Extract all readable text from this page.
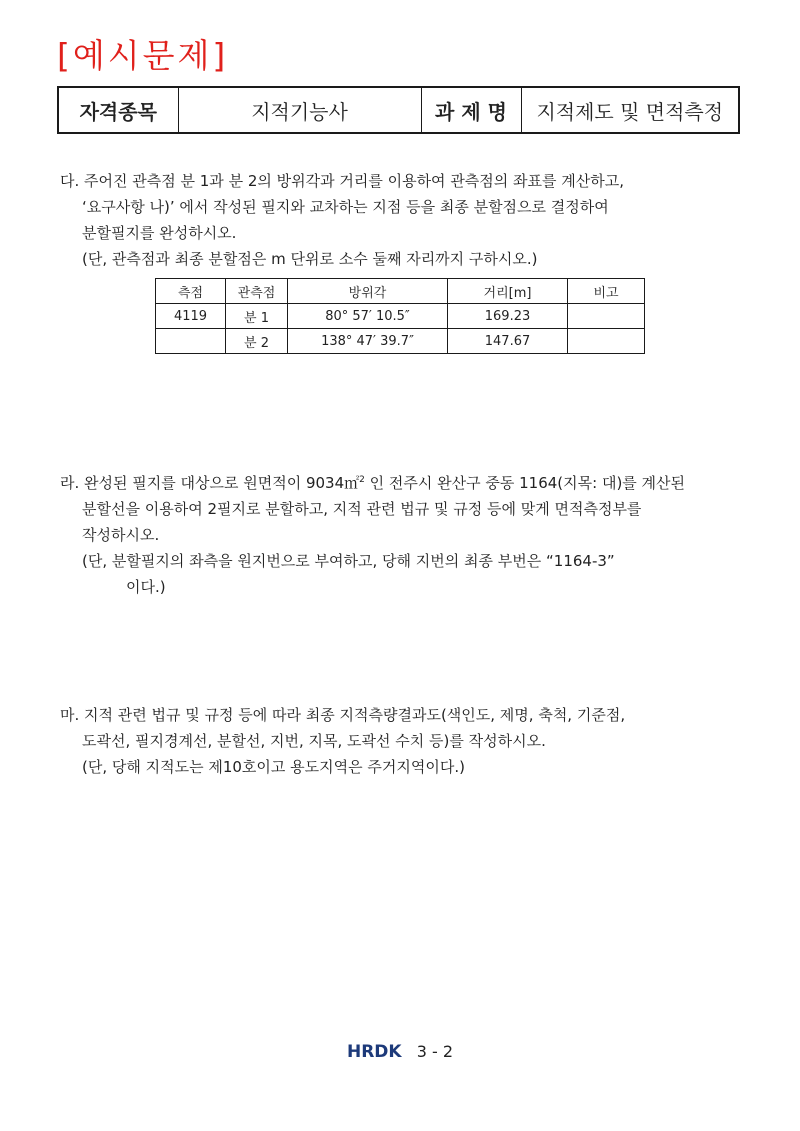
[예시문제]
자격종목	지적기능사	과 제 명	지적제도 및 면적측정
다. 주어진 관측점 분 1과 분 2의 방위각과 거리를 이용하여 관측점의 좌표를 계산하고,
‘요구사항 나)’ 에서 작성된 필지와 교차하는 지점 등을 최종 분할점으로 결정하여
분할필지를 완성하시오.
(단, 관측점과 최종 분할점은 m 단위로 소수 둘째 자리까지 구하시오.)
측점	관측점	방위각	거리[m]	비고
4119	분 1	80° 57′ 10.5″	169.23	
	분 2	138° 47′ 39.7″	147.67	
라. 완성된 필지를 대상으로 원면적이 9034㎡$^2$ 인 전주시 완산구 중동 1164(지목: 대)를 계산된
분할선을 이용하여 2필지로 분할하고, 지적 관련 법규 및 규정 등에 맞게 면적측정부를
작성하시오.
(단, 분할필지의 좌측을 원지번으로 부여하고, 당해 지번의 최종 부번은 “1164-3”
이다.)
마. 지적 관련 법규 및 규정 등에 따라 최종 지적측량결과도(색인도, 제명, 축척, 기준점,
도곽선, 필지경계선, 분할선, 지번, 지목, 도곽선 수치 등)를 작성하시오.
(단, 당해 지적도는 제10호이고 용도지역은 주거지역이다.)
HRDK 3 - 2
